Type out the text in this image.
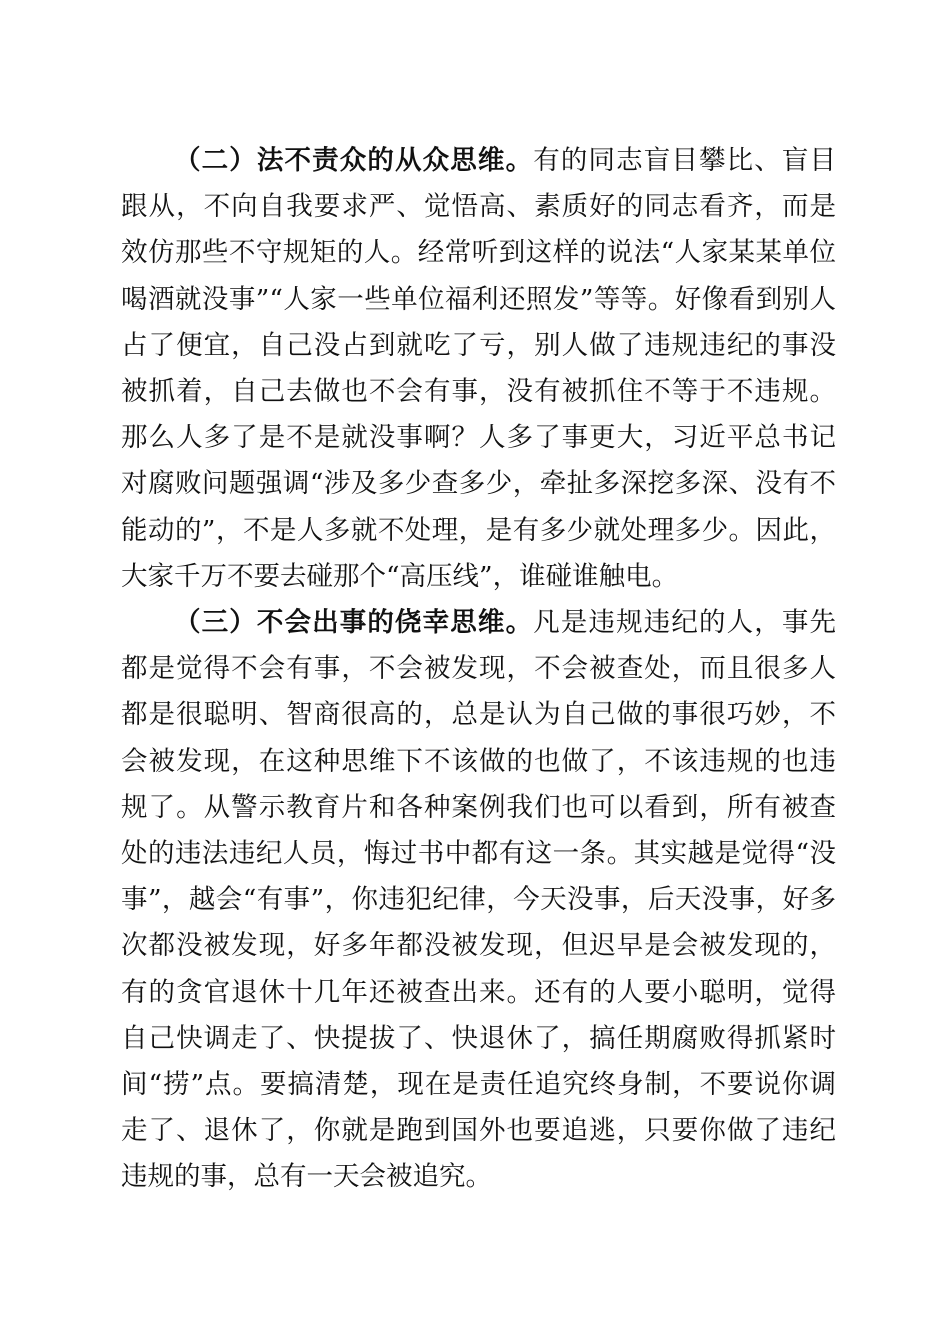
（二）法不责众的从众思维。有的同志盲目攀比、盲目跟从，不向自我要求严、觉悟高、素质好的同志看齐，而是效仿那些不守规矩的人。经常听到这样的说法“人家某某单位喝酒就没事”“人家一些单位福利还照发”等等。好像看到别人占了便宜，自己没占到就吃了亏，别人做了违规违纪的事没被抓着，自己去做也不会有事，没有被抓住不等于不违规。那么人多了是不是就没事啊？人多了事更大，习近平总书记对腐败问题强调“涉及多少查多少，牵扯多深挖多深、没有不能动的”，不是人多就不处理，是有多少就处理多少。因此，大家千万不要去碰那个“高压线”，谁碰谁触电。

（三）不会出事的侥幸思维。凡是违规违纪的人，事先都是觉得不会有事，不会被发现，不会被查处，而且很多人都是很聪明、智商很高的，总是认为自己做的事很巧妙，不会被发现，在这种思维下不该做的也做了，不该违规的也违规了。从警示教育片和各种案例我们也可以看到，所有被查处的违法违纪人员，悔过书中都有这一条。其实越是觉得“没事”，越会“有事”，你违犯纪律，今天没事，后天没事，好多次都没被发现，好多年都没被发现，但迟早是会被发现的，有的贪官退休十几年还被查出来。还有的人要小聪明，觉得自己快调走了、快提拔了、快退休了，搞任期腐败得抓紧时间“捞”点。要搞清楚，现在是责任追究终身制，不要说你调走了、退休了，你就是跑到国外也要追逃，只要你做了违纪违规的事，总有一天会被追究。
